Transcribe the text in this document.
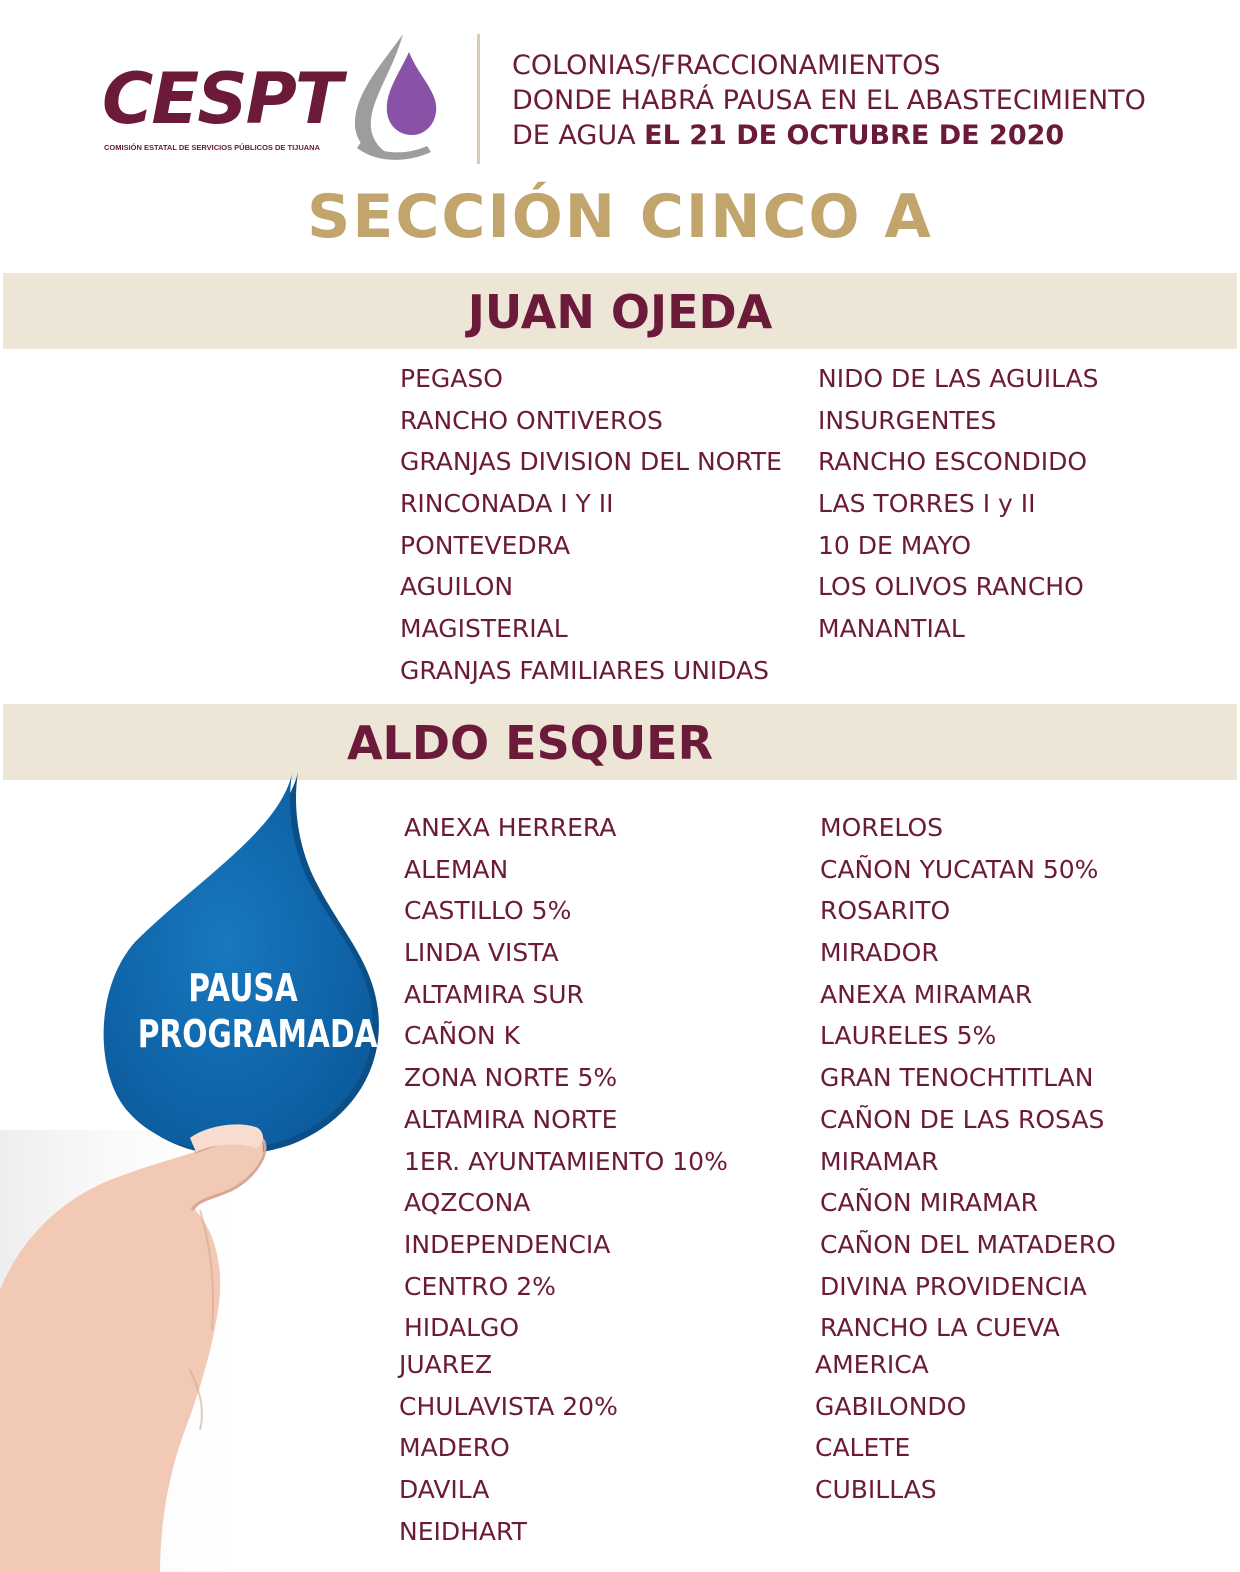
CESPT
COMISIÓN ESTATAL DE SERVICIOS PÚBLICOS DE TIJUANA
COLONIAS/FRACCIONAMIENTOS
DONDE HABRÁ PAUSA EN EL ABASTECIMIENTO
DE AGUA EL 21 DE OCTUBRE DE 2020
SECCIÓN CINCO A
JUAN OJEDA
PEGASO
RANCHO ONTIVEROS
GRANJAS DIVISION DEL NORTE
RINCONADA I Y II
PONTEVEDRA
AGUILON
MAGISTERIAL
GRANJAS FAMILIARES UNIDAS
NIDO DE LAS AGUILAS
INSURGENTES
RANCHO ESCONDIDO
LAS TORRES I y II
10 DE MAYO
LOS OLIVOS RANCHO
MANANTIAL
ALDO ESQUER
PAUSA
PROGRAMADA
ANEXA HERRERA
ALEMAN
CASTILLO 5%
LINDA VISTA
ALTAMIRA SUR
CAÑON K
ZONA NORTE 5%
ALTAMIRA NORTE
1ER. AYUNTAMIENTO 10%
AQZCONA
INDEPENDENCIA
CENTRO 2%
HIDALGO
JUAREZ
CHULAVISTA 20%
MADERO
DAVILA
NEIDHART
MORELOS
CAÑON YUCATAN 50%
ROSARITO
MIRADOR
ANEXA MIRAMAR
LAURELES 5%
GRAN TENOCHTITLAN
CAÑON DE LAS ROSAS
MIRAMAR
CAÑON MIRAMAR
CAÑON DEL MATADERO
DIVINA PROVIDENCIA
RANCHO LA CUEVA
AMERICA
GABILONDO
CALETE
CUBILLAS
